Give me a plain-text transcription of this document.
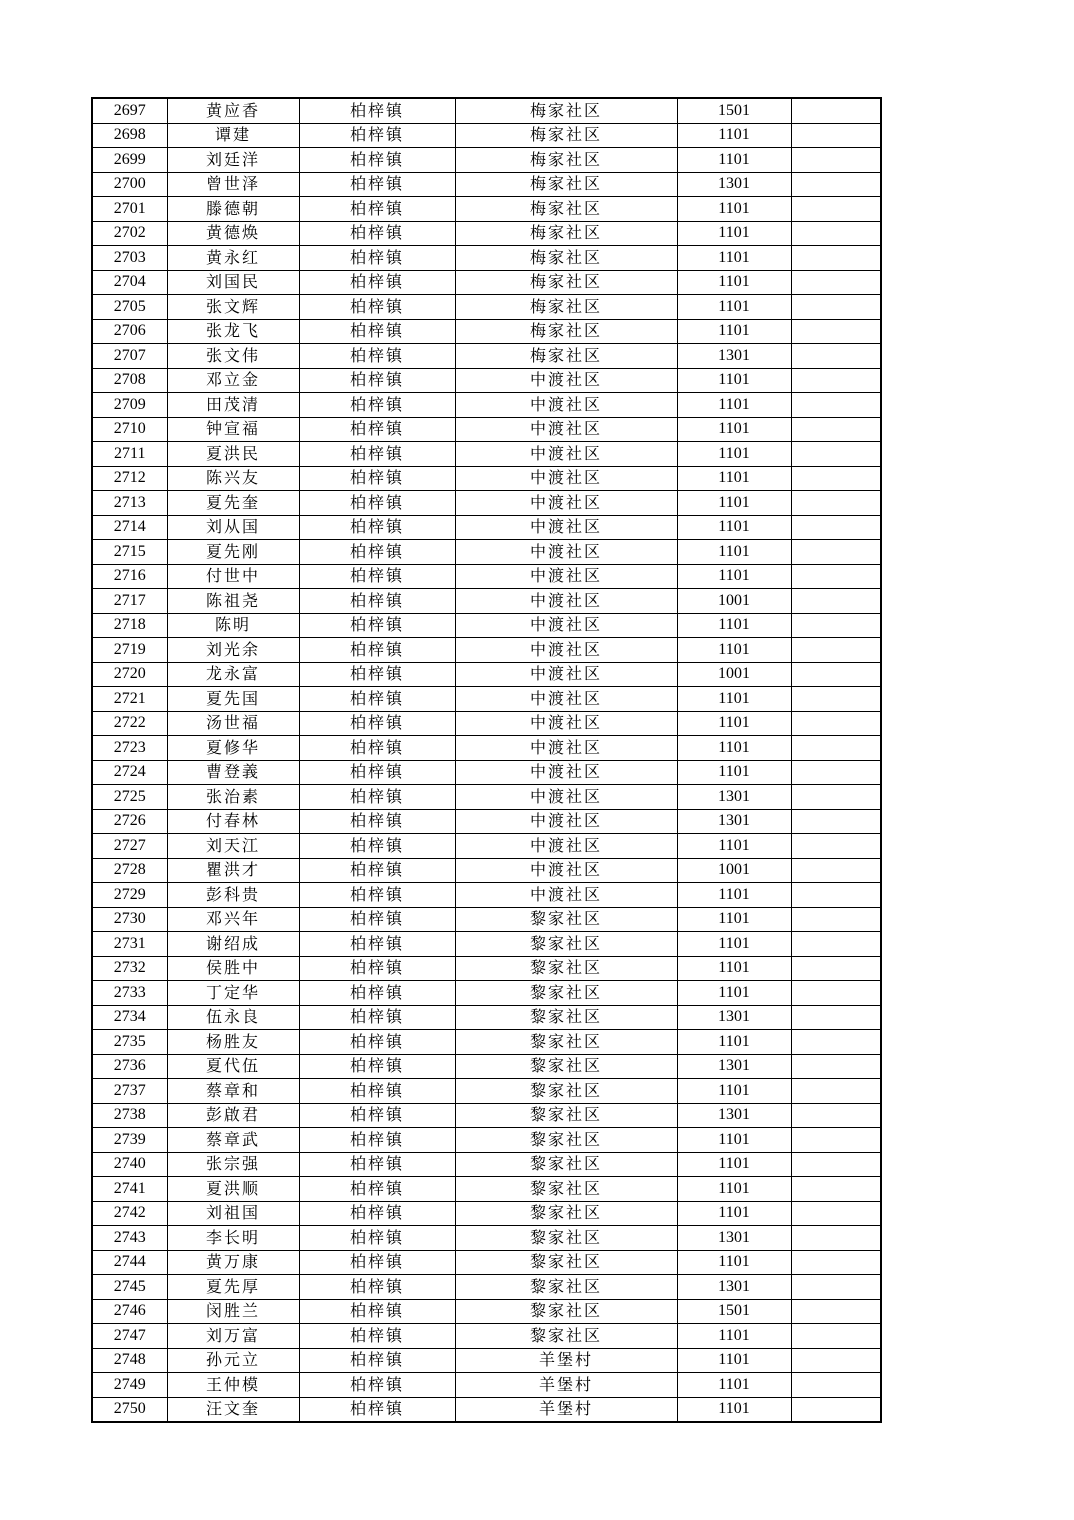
2697	黄应香	柏梓镇	梅家社区	1501	
2698	谭建	柏梓镇	梅家社区	1101	
2699	刘廷洋	柏梓镇	梅家社区	1101	
2700	曾世泽	柏梓镇	梅家社区	1301	
2701	滕德朝	柏梓镇	梅家社区	1101	
2702	黄德焕	柏梓镇	梅家社区	1101	
2703	黄永红	柏梓镇	梅家社区	1101	
2704	刘国民	柏梓镇	梅家社区	1101	
2705	张文辉	柏梓镇	梅家社区	1101	
2706	张龙飞	柏梓镇	梅家社区	1101	
2707	张文伟	柏梓镇	梅家社区	1301	
2708	邓立金	柏梓镇	中渡社区	1101	
2709	田茂清	柏梓镇	中渡社区	1101	
2710	钟宣福	柏梓镇	中渡社区	1101	
2711	夏洪民	柏梓镇	中渡社区	1101	
2712	陈兴友	柏梓镇	中渡社区	1101	
2713	夏先奎	柏梓镇	中渡社区	1101	
2714	刘从国	柏梓镇	中渡社区	1101	
2715	夏先刚	柏梓镇	中渡社区	1101	
2716	付世中	柏梓镇	中渡社区	1101	
2717	陈祖尧	柏梓镇	中渡社区	1001	
2718	陈明	柏梓镇	中渡社区	1101	
2719	刘光余	柏梓镇	中渡社区	1101	
2720	龙永富	柏梓镇	中渡社区	1001	
2721	夏先国	柏梓镇	中渡社区	1101	
2722	汤世福	柏梓镇	中渡社区	1101	
2723	夏修华	柏梓镇	中渡社区	1101	
2724	曹登義	柏梓镇	中渡社区	1101	
2725	张治素	柏梓镇	中渡社区	1301	
2726	付春林	柏梓镇	中渡社区	1301	
2727	刘天江	柏梓镇	中渡社区	1101	
2728	瞿洪才	柏梓镇	中渡社区	1001	
2729	彭科贵	柏梓镇	中渡社区	1101	
2730	邓兴年	柏梓镇	黎家社区	1101	
2731	谢绍成	柏梓镇	黎家社区	1101	
2732	侯胜中	柏梓镇	黎家社区	1101	
2733	丁定华	柏梓镇	黎家社区	1101	
2734	伍永良	柏梓镇	黎家社区	1301	
2735	杨胜友	柏梓镇	黎家社区	1101	
2736	夏代伍	柏梓镇	黎家社区	1301	
2737	蔡章和	柏梓镇	黎家社区	1101	
2738	彭啟君	柏梓镇	黎家社区	1301	
2739	蔡章武	柏梓镇	黎家社区	1101	
2740	张宗强	柏梓镇	黎家社区	1101	
2741	夏洪顺	柏梓镇	黎家社区	1101	
2742	刘祖国	柏梓镇	黎家社区	1101	
2743	李长明	柏梓镇	黎家社区	1301	
2744	黄万康	柏梓镇	黎家社区	1101	
2745	夏先厚	柏梓镇	黎家社区	1301	
2746	闵胜兰	柏梓镇	黎家社区	1501	
2747	刘万富	柏梓镇	黎家社区	1101	
2748	孙元立	柏梓镇	羊堡村	1101	
2749	王仲模	柏梓镇	羊堡村	1101	
2750	汪文奎	柏梓镇	羊堡村	1101	
